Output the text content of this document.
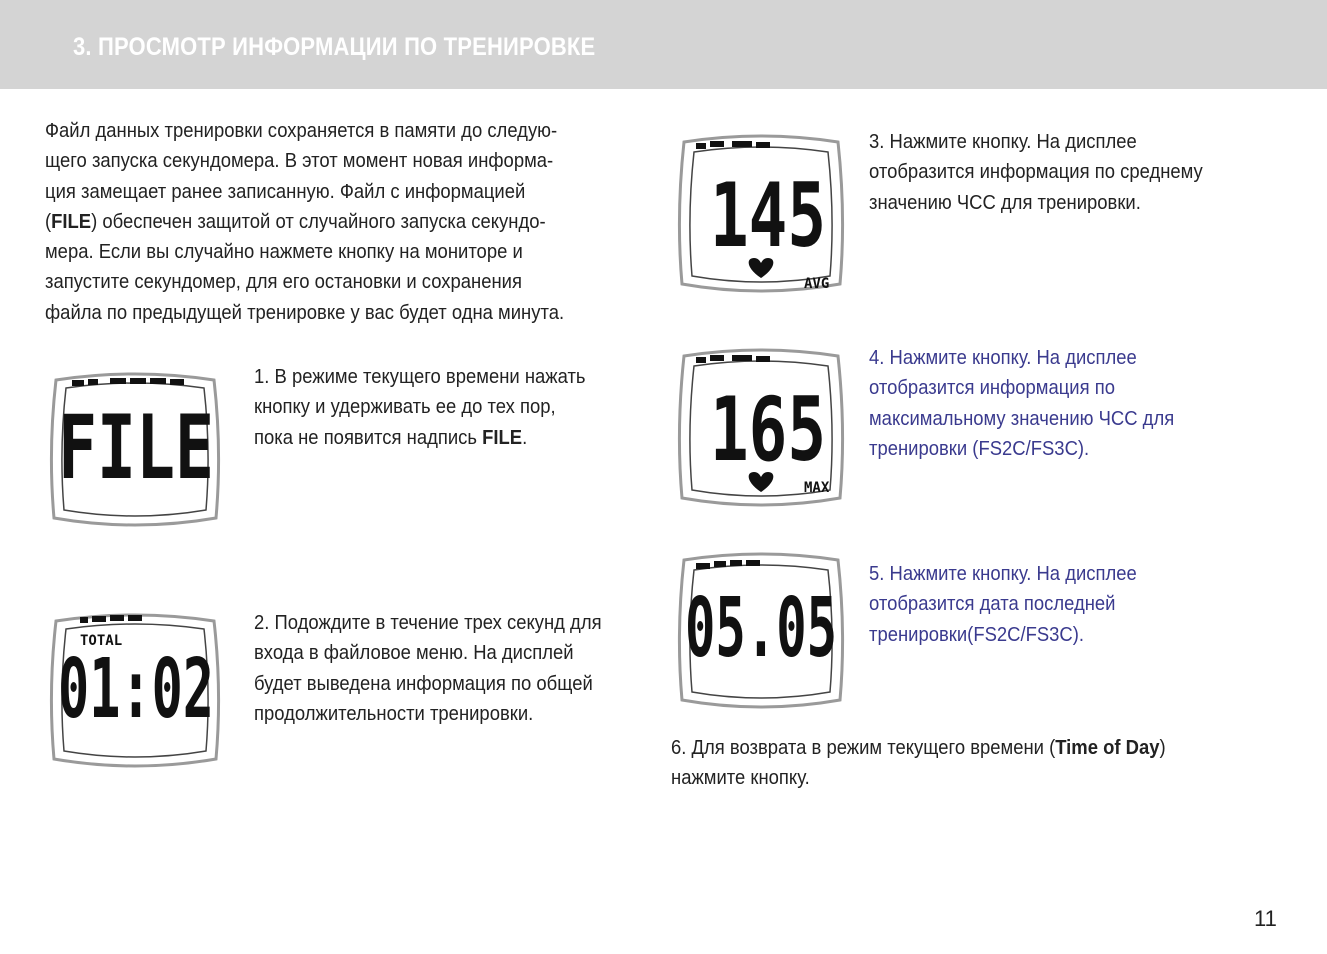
3. ПРОСМОТР ИНФОРМАЦИИ ПО ТРЕНИРОВКЕ
Файл данных тренировки сохраняется в памяти до следую-
щего запуска секундомера. В этот момент новая информа-
ция замещает ранее записанную. Файл с информацией
(FILE) обеспечен защитой от случайного запуска секундо-
мера. Если вы случайно нажмете кнопку на мониторе и
запустите секундомер, для его остановки и сохранения
файла по предыдущей тренировке у вас будет одна минута.
1. В режиме текущего времени нажать
кнопку и удерживать ее до тех пор,
пока не появится надпись FILE.
2. Подождите в течение трех секунд для
входа в файловое меню. На дисплей
будет выведена информация по общей
продолжительности тренировки.
3. Нажмите кнопку. На дисплее
отобразится информация по среднему
значению ЧСС для тренировки.
4. Нажмите кнопку. На дисплее
отобразится информация по
максимальному значению ЧСС для
тренировки (FS2C/FS3C).
5. Нажмите кнопку. На дисплее
отобразится дата последней
тренировки(FS2C/FS3C).
6. Для возврата в режим текущего времени (Time of Day)
нажмите кнопку.
FILE
TOTAL
01:02
145
AVG
165
MAX
05.05
11
